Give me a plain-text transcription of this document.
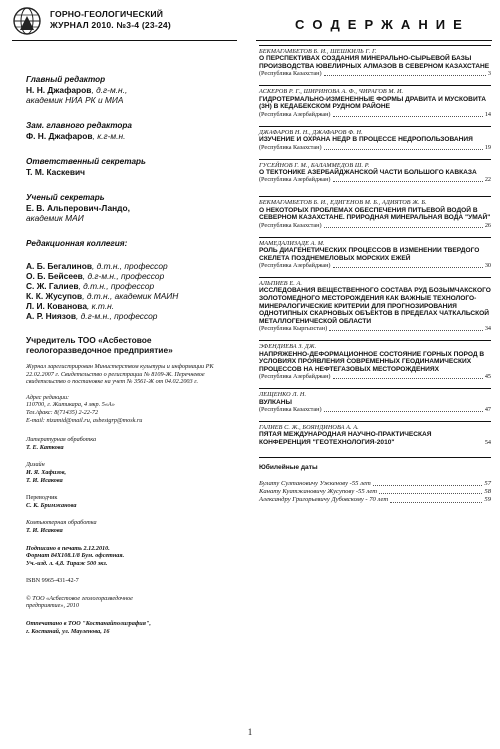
ГОРНО-ГЕОЛОГИЧЕСКИЙ
ЖУРНАЛ 2010. №3-4 (23-24)	С О Д Е Р Ж А Н И Е
Главный редактор
Н. Н. Джафаров, д.г-м.н.,
академик НИА РК и МИА
Зам. главного редактора
Ф. Н. Джафаров, к.г-м.н.
Ответственный секретарь
Т. М. Каскевич
Ученый секретарь
Е. В. Альперович-Ландо,
академик МАИ
Редакционная коллегия:
А. Б. Бегалинов, д.т.н., профессор
О. Б. Бейсеев, д.г-м.н., профессор
С. Ж. Галиев, д.т.н., профессор
К. К. Жусупов, д.т.н., академик МАИН
Л. И. Кованова, к.т.н.
А. Р. Ниязов, д.г-м.н., профессор
Учредитель ТОО «Асбестовое
геологоразведочное предприятие»
Журнал зарегистрирован Министерством культуры и информации РК 22.02.2007 г. Свидетельство о регистрации № 8109-Ж. Перечневое свидетельство о постановке на учет № 3561-Ж от 04.02.2003 г.
Адрес редакции:
110700, г. Житикара, 4 мкр. 5«А»
Тел./факс: 8(71435) 2-22-72
E-mail: nizamid@mail.ru, asbestgrp@mosk.ru
Литературная обработка
Т. Е. Каткова
Дизайн
И. Я. Хафизов,
Т. И. Исакова
Переводчик
С. К. Бримжанова
Компьютерная обработка
Т. И. Исакова
Подписано в печать 2.12.2010.
Формат 84Х108.1/8 Бум. офсетная.
Уч.-изд. л. 4,8. Тираж 500 экз.
ISBN 9965-431-42-7
© ТОО «Асбестовое геологоразведочное
предприятие», 2010
Отпечатано в ТОО "Костанайполиграфия",
г. Костанай, ул. Мауленова, 16
БЕКМАГАМБЕТОВ Б. И., ШЕШКИЛЬ Г. Г.
О ПЕРСПЕКТИВАХ СОЗДАНИЯ МИНЕРАЛЬНО-СЫРЬЕВОЙ БАЗЫ ПРОИЗВОДСТВА ЮВЕЛИРНЫХ АЛМАЗОВ В СЕВЕРНОМ КАЗАХСТАНЕ
(Республика Казахстан)	3
АСКЕРОВ Р. Г., ШИРИНОВА А. Ф., ЧИРАГОВ М. И.
ГИДРОТЕРМАЛЬНО-ИЗМЕНЕННЫЕ ФОРМЫ ДРАВИТА И МУСКОВИТА (3Н) В КЕДАБЕКСКОМ РУДНОМ РАЙОНЕ
(Республика Азербайджан)	14
ДЖАФАРОВ Н. Н., ДЖАФАРОВ Ф. Н.
ИЗУЧЕНИЕ И ОХРАНА НЕДР В ПРОЦЕССЕ НЕДРОПОЛЬЗОВАНИЯ
(Республика Казахстан)	19
ГУСЕЙНОВ Г. М., БАЛАММЕДОВ Ш. Р.
О ТЕКТОНИКЕ АЗЕРБАЙДЖАНСКОЙ ЧАСТИ БОЛЬШОГО КАВКАЗА
(Республика Азербайджан)	22
БЕКМАГАМБЕТОВ Б. И., ЕДИГЕНОВ М. Б., АДИЯТОВ Ж. Б.
О НЕКОТОРЫХ ПРОБЛЕМАХ ОБЕСПЕЧЕНИЯ ПИТЬЕВОЙ ВОДОЙ В СЕВЕРНОМ КАЗАХСТАНЕ. ПРИРОДНАЯ МИНЕРАЛЬНАЯ ВОДА "УМАЙ"
(Республика Казахстан)	26
МАМЕДАЛИЗАДЕ А. М.
РОЛЬ ДИАГЕНЕТИЧЕСКИХ ПРОЦЕССОВ В ИЗМЕНЕНИИ ТВЕРДОГО СКЕЛЕТА ПОЗДНЕМЕЛОВЫХ МОРСКИХ ЕЖЕЙ
(Республика Азербайджан)	30
АЛЬПИЕВ Е. А.
ИССЛЕДОВАНИЯ ВЕЩЕСТВЕННОГО СОСТАВА РУД БОЗЫМЧАКСКОГО ЗОЛОТОМЕДНОГО МЕСТОРОЖДЕНИЯ КАК ВАЖНЫЕ ТЕХНОЛОГО-МИНЕРАЛОГИЧЕСКИЕ КРИТЕРИИ ДЛЯ ПРОГНОЗИРОВАНИЯ ОДНОТИПНЫХ СКАРНОВЫХ ОБЪЕКТОВ В ПРЕДЕЛАХ ЧАТКАЛЬСКОЙ МЕТАЛЛОГЕНИЧЕСКОЙ ОБЛАСТИ
(Республика Кыргызстан)	34
ЭФЕНДИЕВА З. ДЖ.
НАПРЯЖЕННО-ДЕФОРМАЦИОННОЕ СОСТОЯНИЕ ГОРНЫХ ПОРОД В УСЛОВИЯХ ПРОЯВЛЕНИЯ СОВРЕМЕННЫХ ГЕОДИНАМИЧЕСКИХ ПРОЦЕССОВ НА НЕФТЕГАЗОВЫХ МЕСТОРОЖДЕНИЯХ
(Республика Азербайджан)	45
ЛЕЩЕНКО Л. Н.
ВУЛКАНЫ
(Республика Казахстан)	47
ГАЛИЕВ С. Ж., БОЯНДИНОВА А. А.
ПЯТАЯ МЕЖДУНАРОДНАЯ НАУЧНО-ПРАКТИЧЕСКАЯ КОНФЕРЕНЦИЯ "ГЕОТЕХНОЛОГИЯ-2010"	54
Юбилейные даты
Булату Султановичу Ужкенову -55 лет	57
Канату Куатжановичу Жусупову -55 лет	58
Александру Григорьевичу Дубовскому - 70 лет	59
1
